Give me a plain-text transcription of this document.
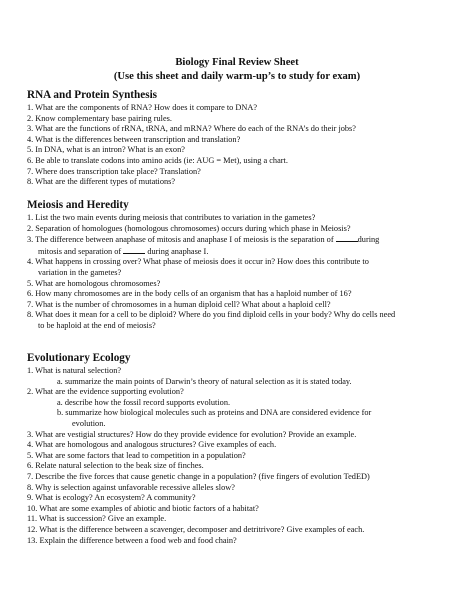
Biology Final Review Sheet
(Use this sheet and daily warm-up’s to study for exam)
RNA and Protein Synthesis
1. What are the components of RNA? How does it compare to DNA?
2. Know complementary base pairing rules.
3. What are the functions of rRNA, tRNA, and mRNA? Where do each of the RNA’s do their jobs?
4. What is the differences between transcription and translation?
5. In DNA, what is an intron? What is an exon?
6. Be able to translate codons into amino acids (ie: AUG = Met), using a chart.
7. Where does transcription take place? Translation?
8. What are the different types of mutations?
Meiosis and Heredity
1. List the two main events during meiosis that contributes to variation in the gametes?
2. Separation of homologues (homologous chromosomes) occurs during which phase in Meiosis?
3. The difference between anaphase of mitosis and anaphase I of meiosis is the separation of	during
mitosis and separation of	during anaphase I.
4. What happens in crossing over? What phase of meiosis does it occur in? How does this contribute to
variation in the gametes?
5. What are homologous chromosomes?
6. How many chromosomes are in the body cells of an organism that has a haploid number of 16?
7. What is the number of chromosomes in a human diploid cell? What about a haploid cell?
8. What does it mean for a cell to be diploid? Where do you find diploid cells in your body? Why do cells need
to be haploid at the end of meiosis?
Evolutionary Ecology
1. What is natural selection?
a. summarize the main points of Darwin’s theory of natural selection as it is stated today.
2. What are the evidence supporting evolution?
a. describe how the fossil record supports evolution.
b. summarize how biological molecules such as proteins and DNA are considered evidence for
evolution.
3. What are vestigial structures? How do they provide evidence for evolution? Provide an example.
4. What are homologous and analogous structures? Give examples of each.
5. What are some factors that lead to competition in a population?
6. Relate natural selection to the beak size of finches.
7. Describe the five forces that cause genetic change in a population? (five fingers of evolution TedED)
8. Why is selection against unfavorable recessive alleles slow?
9. What is ecology? An ecosystem? A community?
10. What are some examples of abiotic and biotic factors of a habitat?
11. What is succession? Give an example.
12. What is the difference between a scavenger, decomposer and detritrivore? Give examples of each.
13. Explain the difference between a food web and food chain?
